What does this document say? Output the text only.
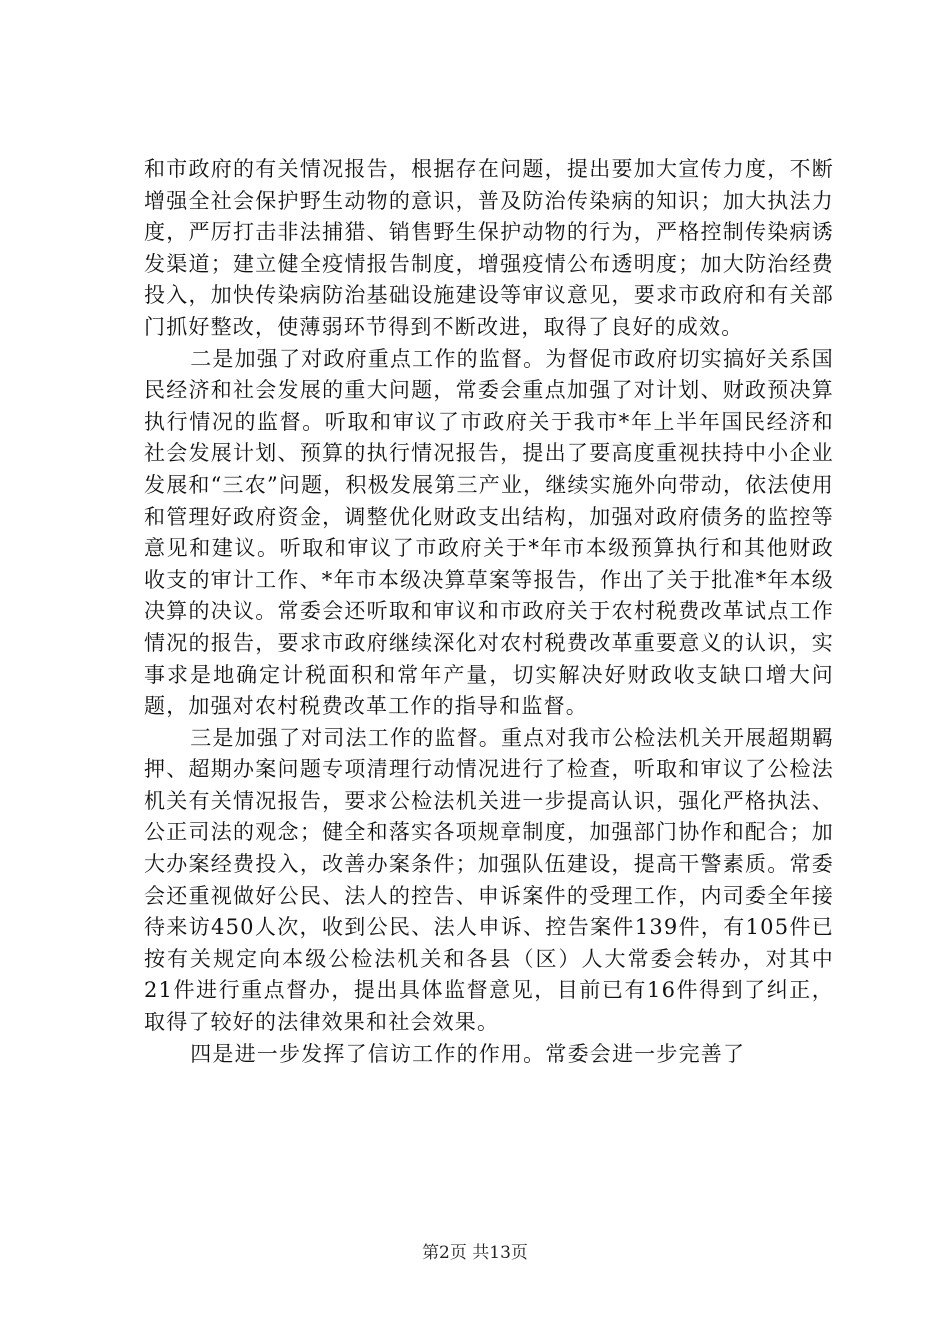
和市政府的有关情况报告，根据存在问题，提出要加大宣传力度，不断增强全社会保护野生动物的意识，普及防治传染病的知识；加大执法力度，严厉打击非法捕猎、销售野生保护动物的行为，严格控制传染病诱发渠道；建立健全疫情报告制度，增强疫情公布透明度；加大防治经费投入，加快传染病防治基础设施建设等审议意见，要求市政府和有关部门抓好整改，使薄弱环节得到不断改进，取得了良好的成效。

二是加强了对政府重点工作的监督。为督促市政府切实搞好关系国民经济和社会发展的重大问题，常委会重点加强了对计划、财政预决算执行情况的监督。听取和审议了市政府关于我市*年上半年国民经济和社会发展计划、预算的执行情况报告，提出了要高度重视扶持中小企业发展和“三农”问题，积极发展第三产业，继续实施外向带动，依法使用和管理好政府资金，调整优化财政支出结构，加强对政府债务的监控等意见和建议。听取和审议了市政府关于*年市本级预算执行和其他财政收支的审计工作、*年市本级决算草案等报告，作出了关于批准*年本级决算的决议。常委会还听取和审议和市政府关于农村税费改革试点工作情况的报告，要求市政府继续深化对农村税费改革重要意义的认识，实事求是地确定计税面积和常年产量，切实解决好财政收支缺口增大问题，加强对农村税费改革工作的指导和监督。

三是加强了对司法工作的监督。重点对我市公检法机关开展超期羁押、超期办案问题专项清理行动情况进行了检查，听取和审议了公检法机关有关情况报告，要求公检法机关进一步提高认识，强化严格执法、公正司法的观念；健全和落实各项规章制度，加强部门协作和配合；加大办案经费投入，改善办案条件；加强队伍建设，提高干警素质。常委会还重视做好公民、法人的控告、申诉案件的受理工作，内司委全年接待来访450人次，收到公民、法人申诉、控告案件139件，有105件已按有关规定向本级公检法机关和各县（区）人大常委会转办，对其中21件进行重点督办，提出具体监督意见，目前已有16件得到了纠正，取得了较好的法律效果和社会效果。

四是进一步发挥了信访工作的作用。常委会进一步完善了

第2页 共13页
